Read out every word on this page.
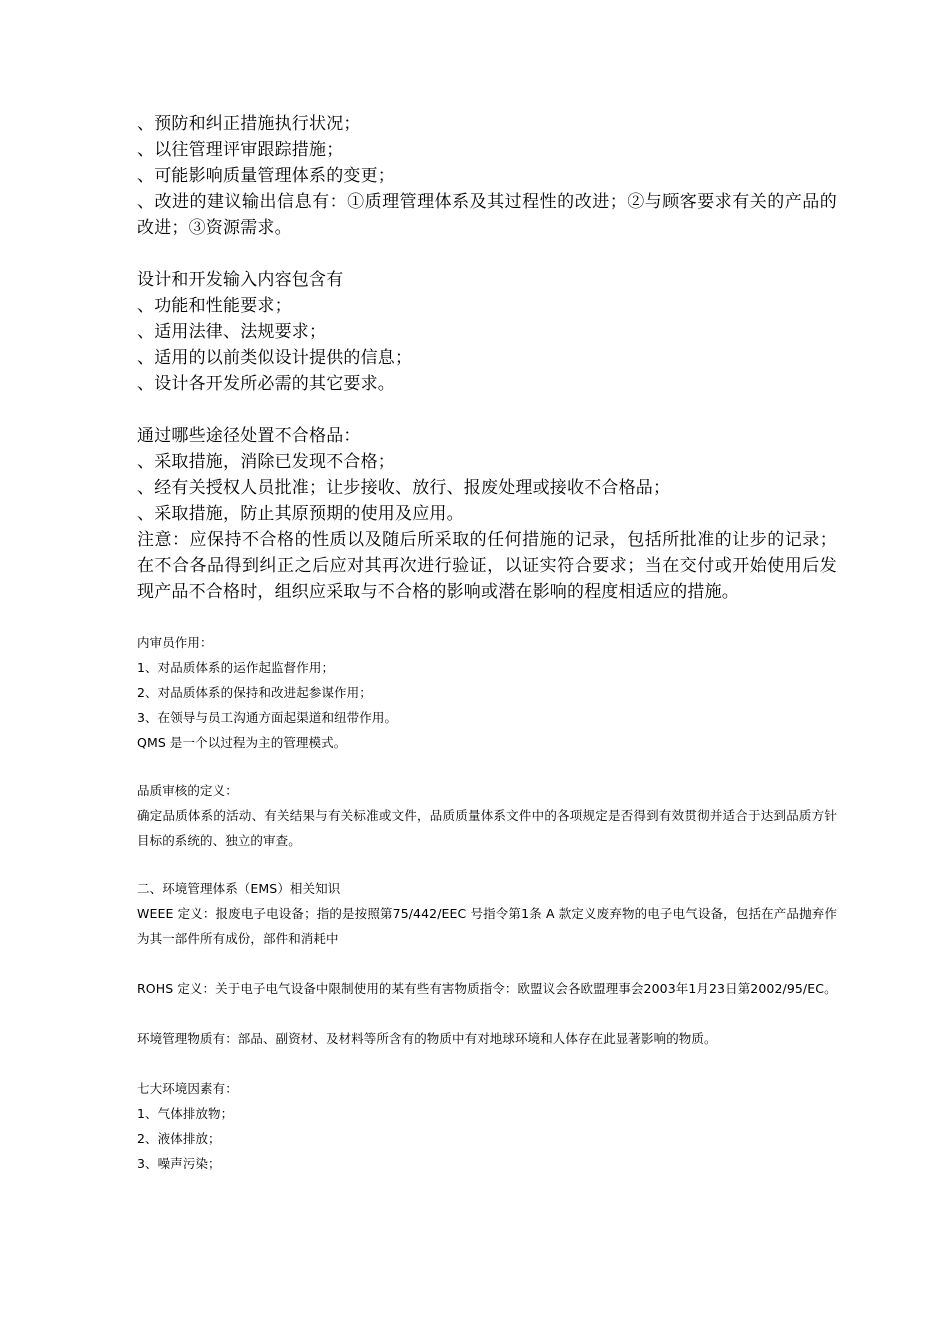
、预防和纠正措施执行状况；

、以往管理评审跟踪措施；

、可能影响质量管理体系的变更；

、改进的建议输出信息有：①质理管理体系及其过程性的改进；②与顾客要求有关的产品的改进；③资源需求。

设计和开发输入内容包含有

、功能和性能要求；

、适用法律、法规要求；

、适用的以前类似设计提供的信息；

、设计各开发所必需的其它要求。

通过哪些途径处置不合格品：

、采取措施，消除已发现不合格；

、经有关授权人员批准；让步接收、放行、报废处理或接收不合格品；

、采取措施，防止其原预期的使用及应用。

注意：应保持不合格的性质以及随后所采取的任何措施的记录，包括所批准的让步的记录；在不合各品得到纠正之后应对其再次进行验证，以证实符合要求；当在交付或开始使用后发现产品不合格时，组织应采取与不合格的影响或潜在影响的程度相适应的措施。

内审员作用：

1、对品质体系的运作起监督作用；

2、对品质体系的保持和改进起参谋作用；

3、在领导与员工沟通方面起渠道和纽带作用。

QMS 是一个以过程为主的管理模式。

品质审核的定义：

确定品质体系的活动、有关结果与有关标准或文件，品质质量体系文件中的各项规定是否得到有效贯彻并适合于达到品质方针目标的系统的、独立的审查。

二、环境管理体系（EMS）相关知识

WEEE 定义：报废电子电设备；指的是按照第75/442/EEC 号指令第1条 A 款定义废弃物的电子电气设备，包括在产品抛弃作为其一部件所有成份，部件和消耗中

ROHS 定义：关于电子电气设备中限制使用的某有些有害物质指令：欧盟议会各欧盟理事会2003年1月23日第2002/95/EC。

环境管理物质有：部品、副资材、及材料等所含有的物质中有对地球环境和人体存在此显著影响的物质。

七大环境因素有：

1、气体排放物；

2、液体排放；

3、噪声污染；
